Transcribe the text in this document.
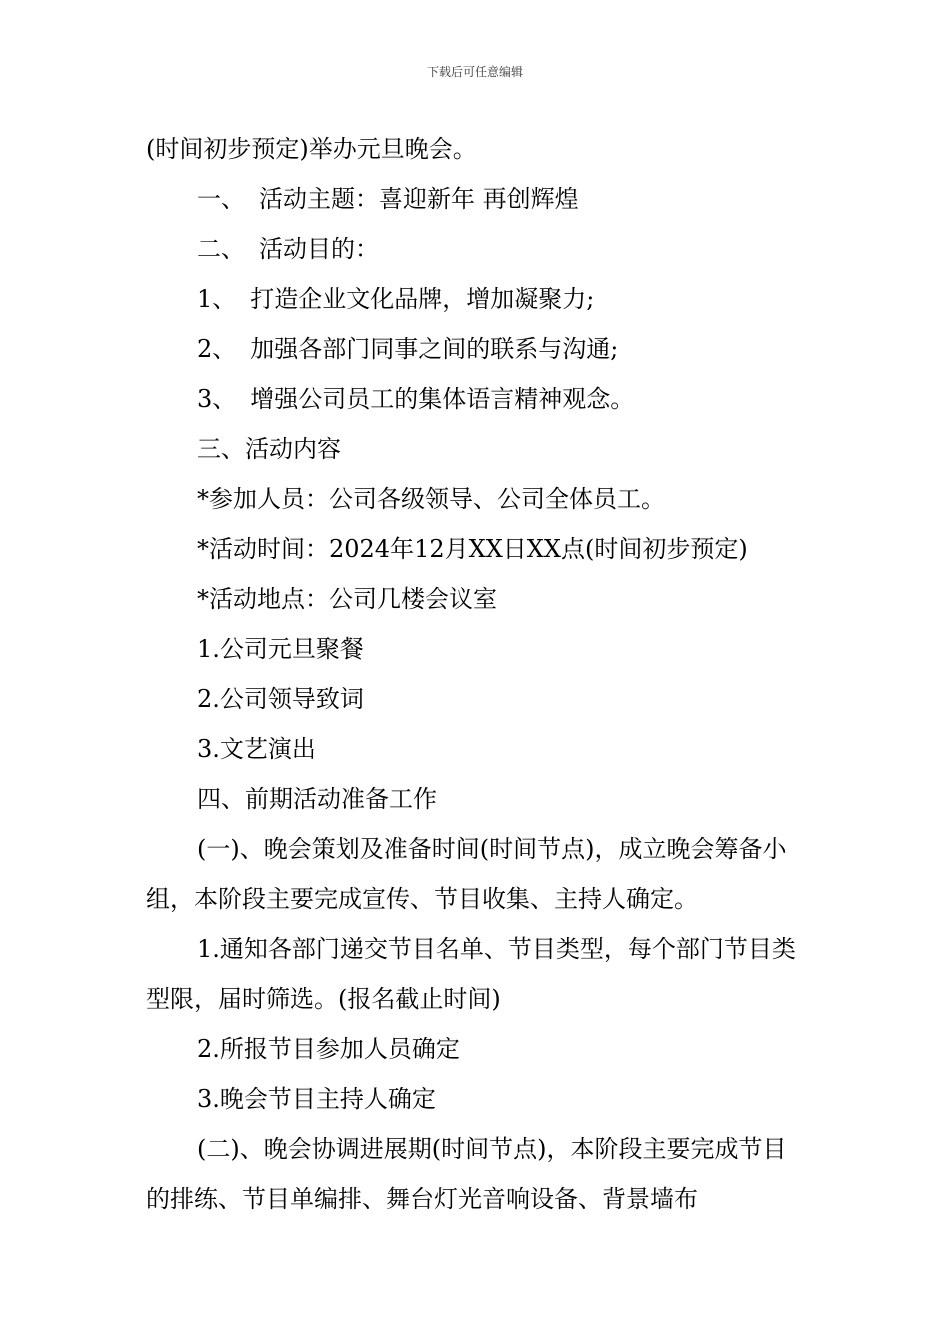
下载后可任意编辑
(时间初步预定)举办元旦晚会。
一、 活动主题：喜迎新年 再创辉煌
二、 活动目的：
1、 打造企业文化品牌，增加凝聚力;
2、 加强各部门同事之间的联系与沟通;
3、 增强公司员工的集体语言精神观念。
三、活动内容
*参加人员：公司各级领导、公司全体员工。
*活动时间：2024年12月XX日XX点(时间初步预定)
*活动地点：公司几楼会议室
1.公司元旦聚餐
2.公司领导致词
3.文艺演出
四、前期活动准备工作
(一)、晚会策划及准备时间(时间节点)，成立晚会筹备小组，本阶段主要完成宣传、节目收集、主持人确定。
1.通知各部门递交节目名单、节目类型，每个部门节目类型限，届时筛选。(报名截止时间)
2.所报节目参加人员确定
3.晚会节目主持人确定
(二)、晚会协调进展期(时间节点)，本阶段主要完成节目的排练、节目单编排、舞台灯光音响设备、背景墙布
